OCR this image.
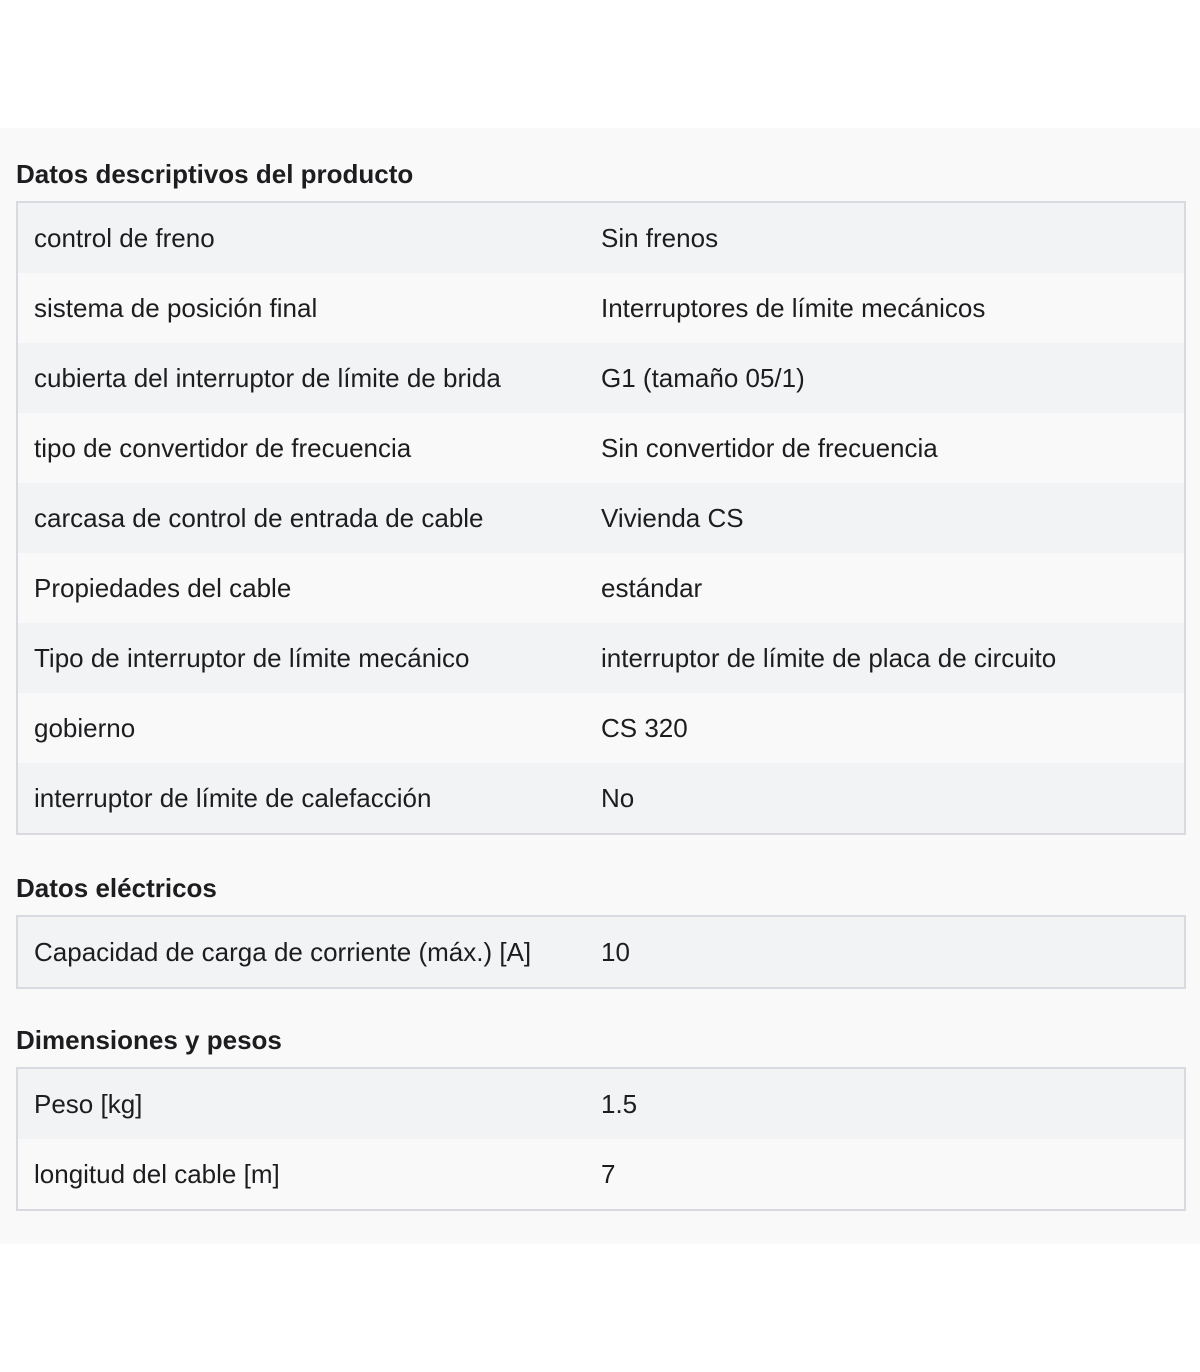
Datos descriptivos del producto
control de freno	Sin frenos
sistema de posición final	Interruptores de límite mecánicos
cubierta del interruptor de límite de brida	G1 (tamaño 05/1)
tipo de convertidor de frecuencia	Sin convertidor de frecuencia
carcasa de control de entrada de cable	Vivienda CS
Propiedades del cable	estándar
Tipo de interruptor de límite mecánico	interruptor de límite de placa de circuito
gobierno	CS 320
interruptor de límite de calefacción	No
Datos eléctricos
Capacidad de carga de corriente (máx.) [A]	10
Dimensiones y pesos
Peso [kg]	1.5
longitud del cable [m]	7
